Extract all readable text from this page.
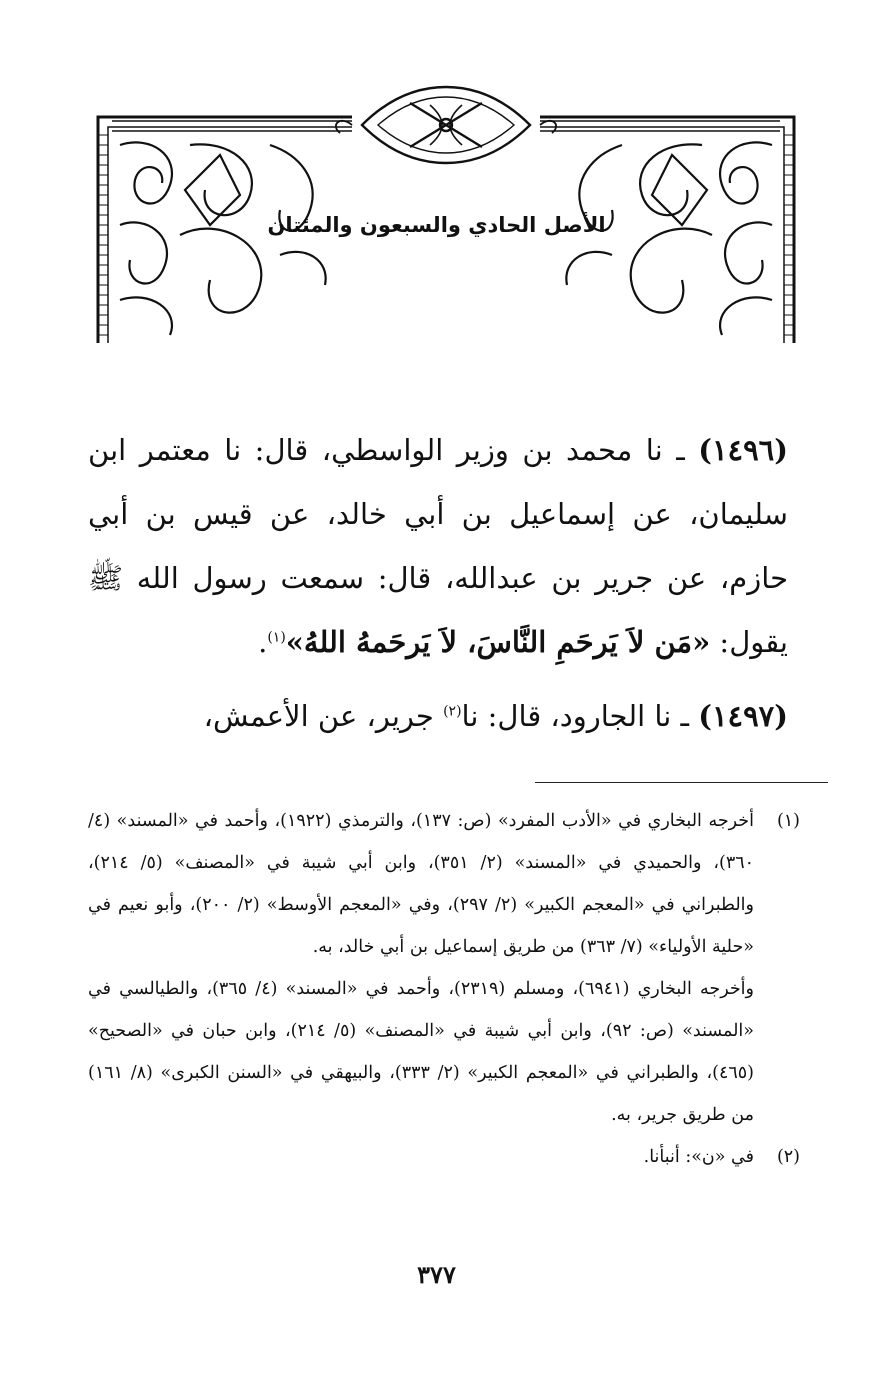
الأصل الحادي والسبعون والمئتان

(١٤٩٦) ـ نا محمد بن وزير الواسطي، قال: نا معتمر ابن سليمان، عن إسماعيل بن أبي خالد، عن قيس بن أبي حازم، عن جرير بن عبدالله، قال: سمعت رسول الله ﷺ يقول: «مَن لاَ يَرحَمِ النَّاسَ، لاَ يَرحَمهُ اللهُ»$^{(١)}$.

(١٤٩٧) ـ نا الجارود، قال: نا$^{(٢)}$ جرير، عن الأعمش،

(١)

أخرجه البخاري في «الأدب المفرد» (ص: ١٣٧)، والترمذي (١٩٢٢)، وأحمد في «المسند» (٤/ ٣٦٠)، والحميدي في «المسند» (٢/ ٣٥١)، وابن أبي شيبة في «المصنف» (٥/ ٢١٤)، والطبراني في «المعجم الكبير» (٢/ ٢٩٧)، وفي «المعجم الأوسط» (٢/ ٢٠٠)، وأبو نعيم في «حلية الأولياء» (٧/ ٣٦٣) من طريق إسماعيل بن أبي خالد، به.

وأخرجه البخاري (٦٩٤١)، ومسلم (٢٣١٩)، وأحمد في «المسند» (٤/ ٣٦٥)، والطيالسي في «المسند» (ص: ٩٢)، وابن أبي شيبة في «المصنف» (٥/ ٢١٤)، وابن حبان في «الصحيح» (٤٦٥)، والطبراني في «المعجم الكبير» (٢/ ٣٣٣)، والبيهقي في «السنن الكبرى» (٨/ ١٦١) من طريق جرير، به.

(٢)

في «ن»: أنبأنا.

٣٧٧
